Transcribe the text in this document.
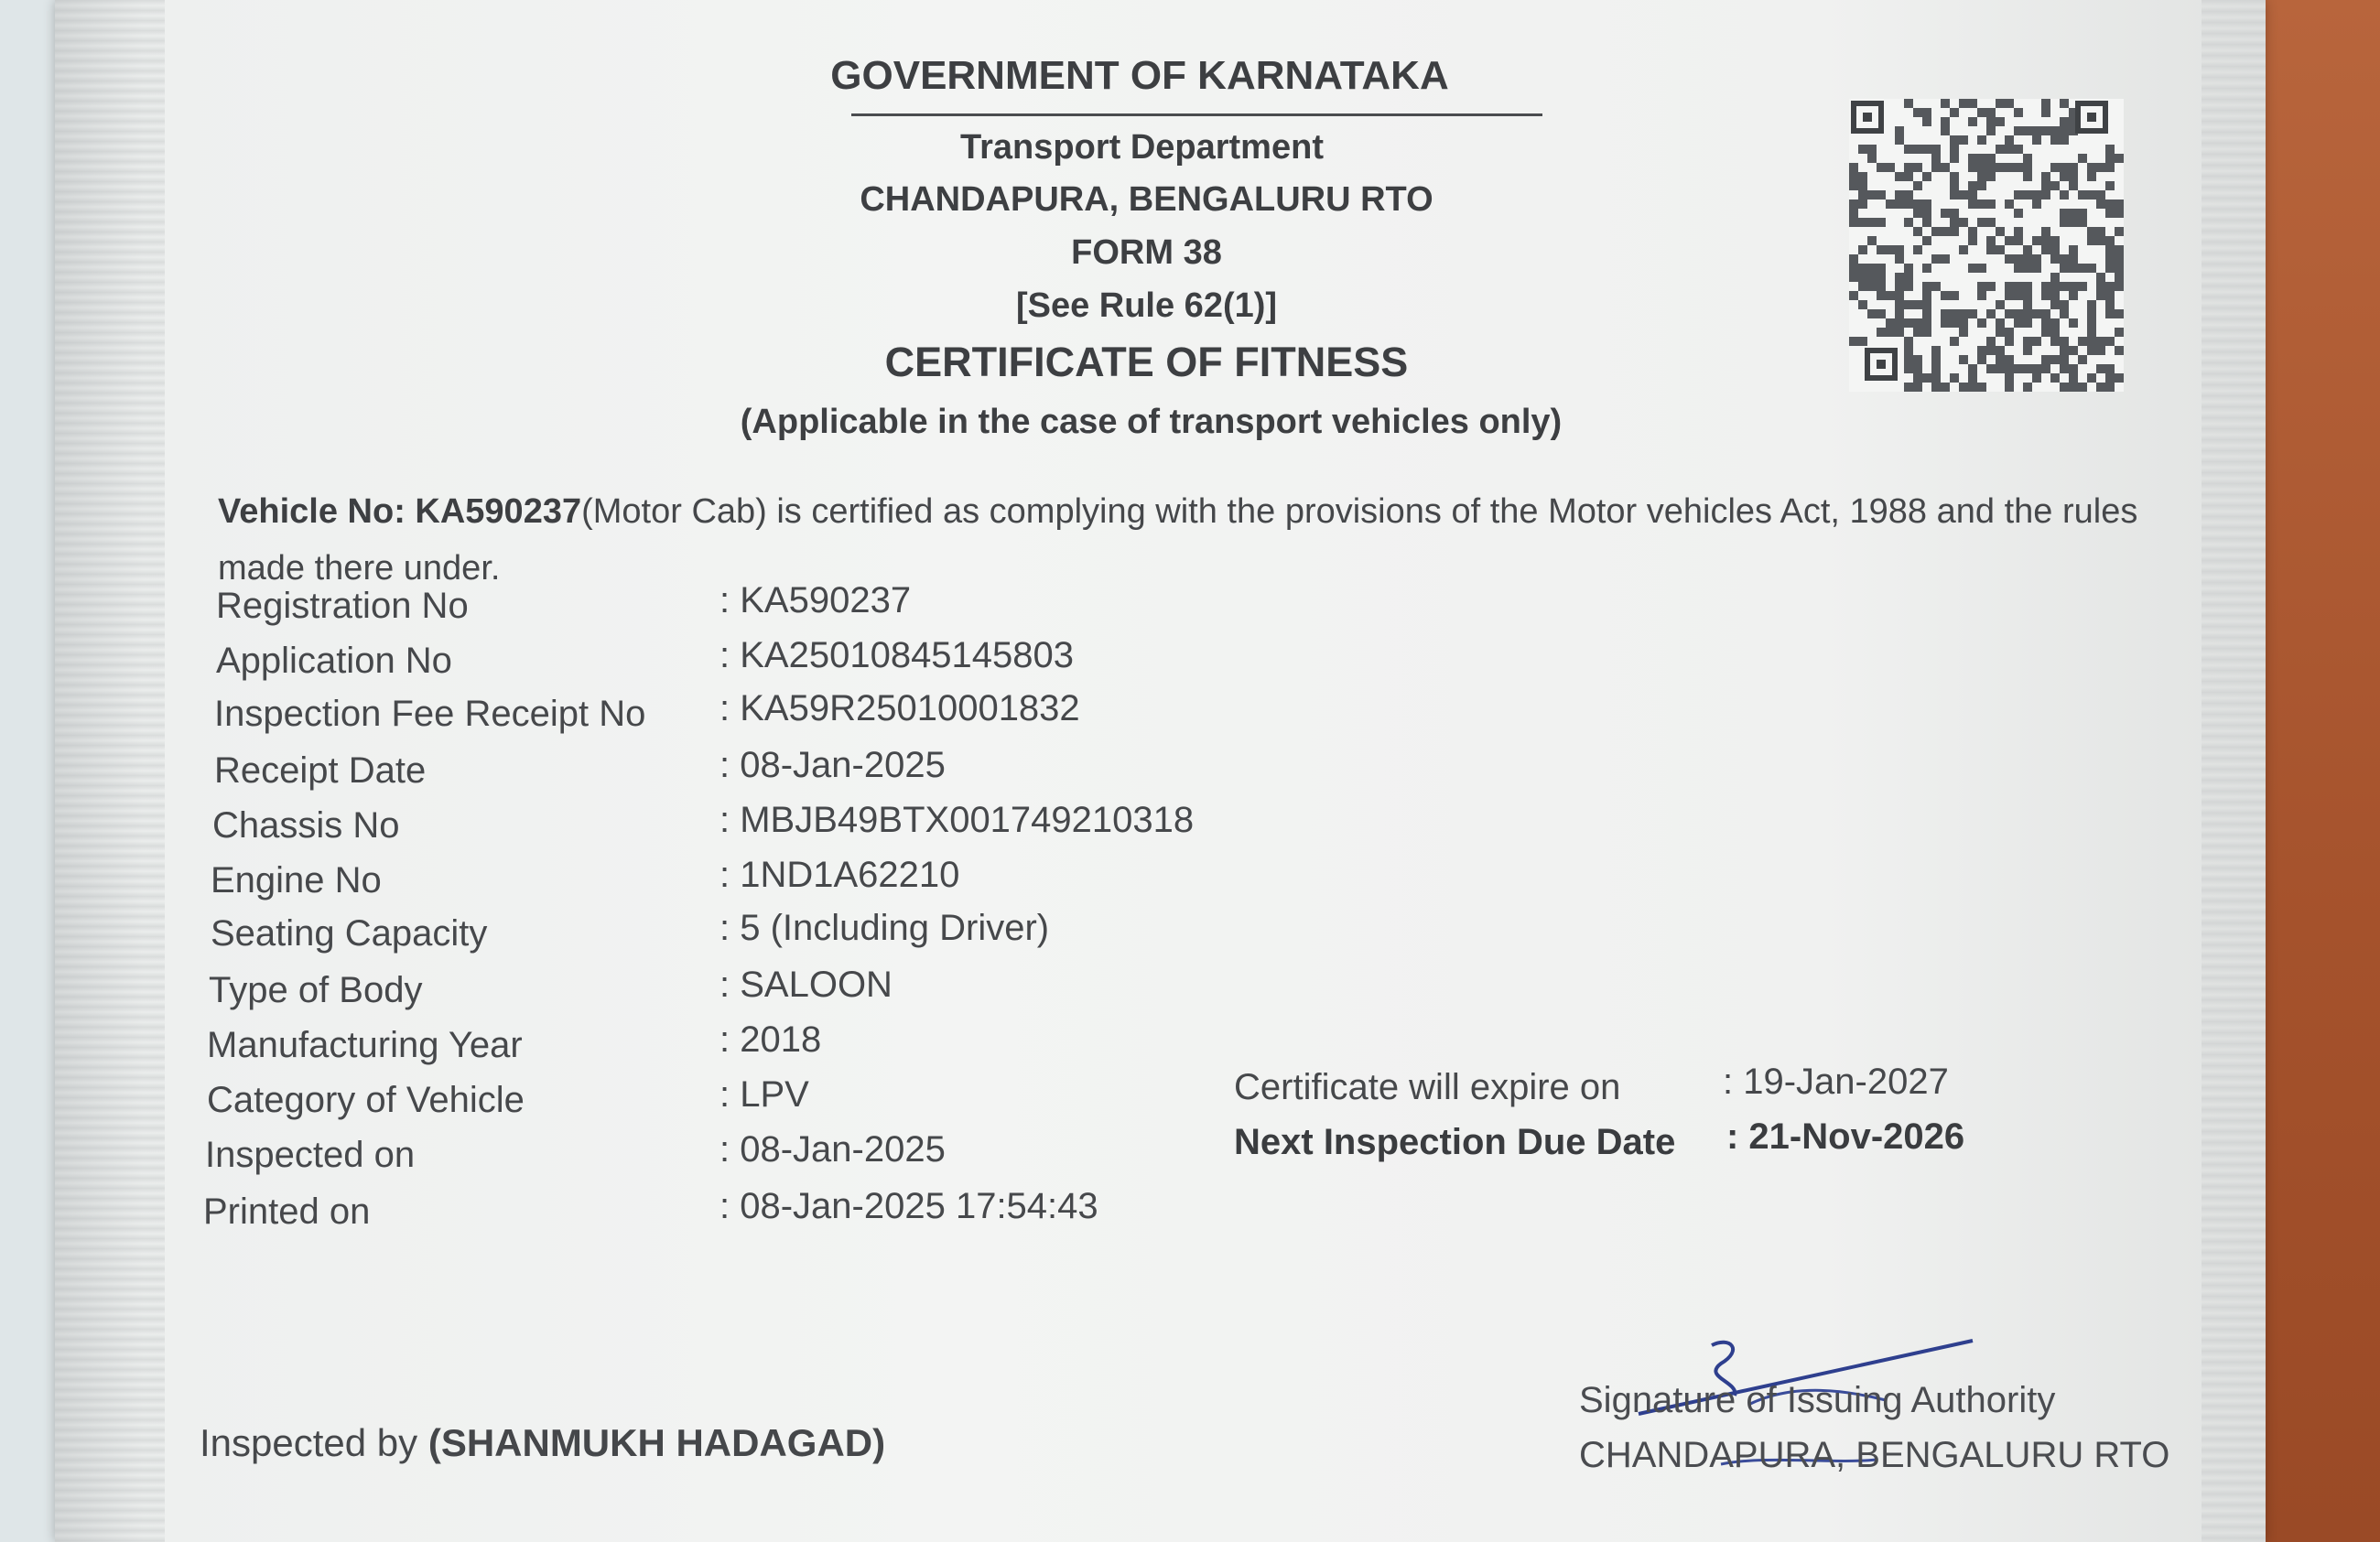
GOVERNMENT OF KARNATAKA
Transport Department
CHANDAPURA, BENGALURU RTO
FORM 38
[See Rule 62(1)]
CERTIFICATE OF FITNESS
(Applicable in the case of transport vehicles only)
Vehicle No: KA590237(Motor Cab) is certified as complying with the provisions of the Motor vehicles Act, 1988 and the rules made there under.
Registration No	: KA590237
Application No	: KA25010845145803
Inspection Fee Receipt No : KA59R25010001832
Receipt Date	: 08-Jan-2025
Chassis No	: MBJB49BTX001749210318
Engine No	: 1ND1A62210
Seating Capacity	: 5 (Including Driver)
Type of Body	: SALOON
Manufacturing Year	: 2018
Category of Vehicle	: LPV
Inspected on	: 08-Jan-2025
Printed on	: 08-Jan-2025 17:54:43
Certificate will expire on	: 19-Jan-2027
Next Inspection Due Date : 21-Nov-2026
Inspected by (SHANMUKH HADAGAD)
Signature of Issuing Authority
CHANDAPURA, BENGALURU RTO
